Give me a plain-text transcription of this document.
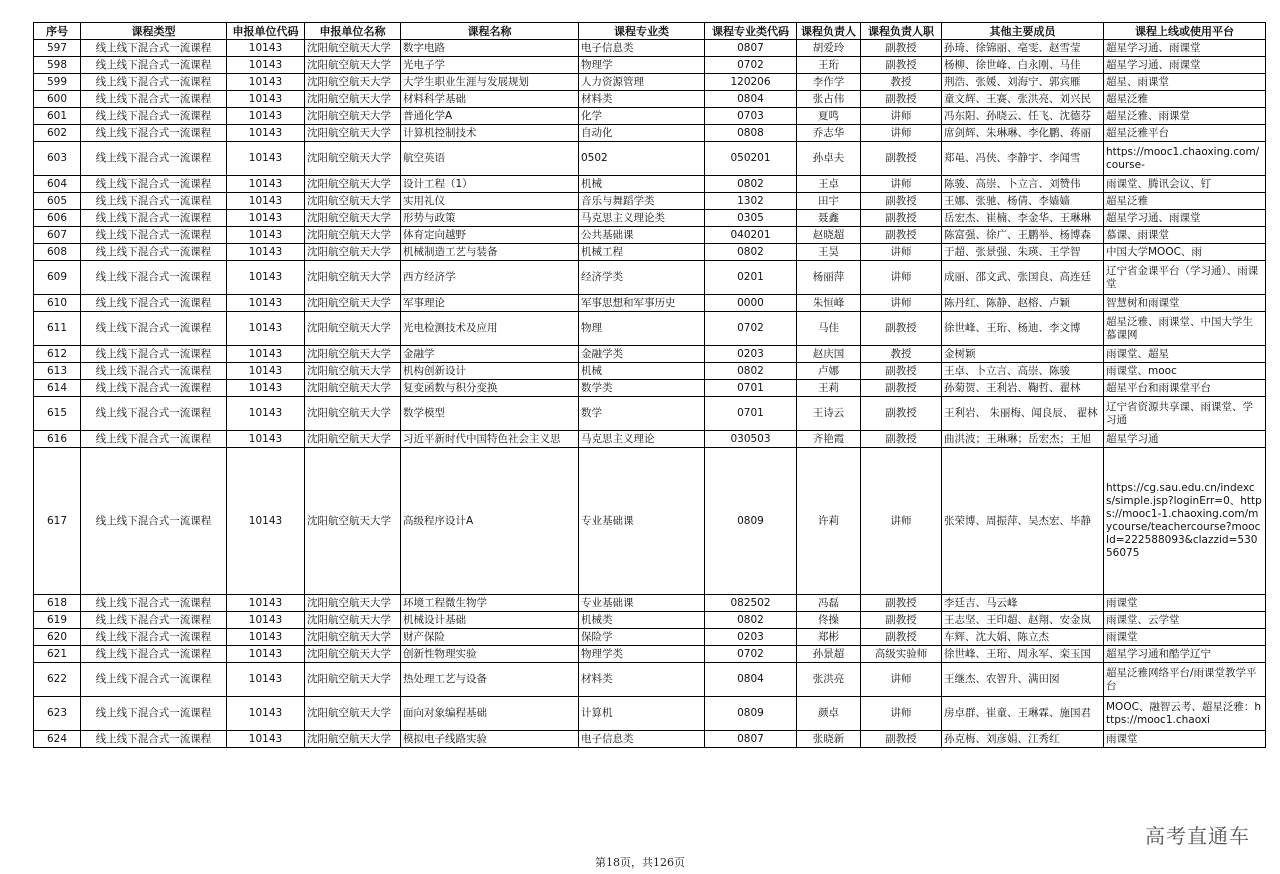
序号	课程类型	申报单位代码	申报单位名称	课程名称	课程专业类	课程专业类代码	课程负责人	课程负责人职	其他主要成员	课程上线或使用平台
597	线上线下混合式一流课程	10143	沈阳航空航天大学	数字电路	电子信息类	0807	胡爱玲	副教授	孙琦、徐锦丽、亳雯、赵雪莹	超星学习通、雨课堂
598	线上线下混合式一流课程	10143	沈阳航空航天大学	光电子学	物理学	0702	王珩	副教授	杨柳、徐世峰、白永刚、马佳	超星学习通、雨课堂
599	线上线下混合式一流课程	10143	沈阳航空航天大学	大学生职业生涯与发展规划	人力资源管理	120206	李作学	教授	荆浩、张媛、刘海宁、郭宾雁	超星、雨课堂
600	线上线下混合式一流课程	10143	沈阳航空航天大学	材料科学基础	材料类	0804	张占伟	副教授	童文辉、王赛、张洪亮、刘兴民	超星泛雅
601	线上线下混合式一流课程	10143	沈阳航空航天大学	普通化学A	化学	0703	夏鸣	讲师	冯东阳、孙晓云、任飞、沈德芬	超星泛雅、雨课堂
602	线上线下混合式一流课程	10143	沈阳航空航天大学	计算机控制技术	自动化	0808	乔志华	讲师	席剑辉、朱琳琳、李化鹏、蒋丽	超星泛雅平台
603	线上线下混合式一流课程	10143	沈阳航空航天大学	航空英语	0502	050201	孙卓夫	副教授	郑黾、冯侠、李静宇、李闻雪	https://mooc1.chaoxing.com/course-
604	线上线下混合式一流课程	10143	沈阳航空航天大学	设计工程（1）	机械	0802	王卓	讲师	陈骏、高崇、卜立言、刘赞伟	雨课堂、腾讯会议、钉
605	线上线下混合式一流课程	10143	沈阳航空航天大学	实用礼仪	音乐与舞蹈学类	1302	田宇	副教授	王娜、张驰、杨倩、李嫱嫱	超星泛雅
606	线上线下混合式一流课程	10143	沈阳航空航天大学	形势与政策	马克思主义理论类	0305	聂鑫	副教授	岳宏杰、崔楠、李金华、王琳琳	超星学习通、雨课堂
607	线上线下混合式一流课程	10143	沈阳航空航天大学	体育定向越野	公共基础课	040201	赵晓超	副教授	陈富强、徐广、王鹏举、杨博森	慕课、雨课堂
608	线上线下混合式一流课程	10143	沈阳航空航天大学	机械制造工艺与装备	机械工程	0802	王昊	讲师	于超、张景强、朱瑛、王学智	中国大学MOOC、雨
609	线上线下混合式一流课程	10143	沈阳航空航天大学	西方经济学	经济学类	0201	杨丽萍	讲师	成丽、邵文武、张国良、高连廷	辽宁省金课平台（学习通）、雨课堂
610	线上线下混合式一流课程	10143	沈阳航空航天大学	军事理论	军事思想和军事历史	0000	朱恒峰	讲师	陈丹红、陈静、赵榕、卢颖	智慧树和雨课堂
611	线上线下混合式一流课程	10143	沈阳航空航天大学	光电检测技术及应用	物理	0702	马佳	副教授	徐世峰、王珩、杨迪、李文博	超星泛雅、雨课堂、中国大学生慕课网
612	线上线下混合式一流课程	10143	沈阳航空航天大学	金融学	金融学类	0203	赵庆国	教授	金树颖	雨课堂、超星
613	线上线下混合式一流课程	10143	沈阳航空航天大学	机构创新设计	机械	0802	卢娜	副教授	王卓、卜立言、高崇、陈骏	雨课堂、mooc
614	线上线下混合式一流课程	10143	沈阳航空航天大学	复变函数与积分变换	数学类	0701	王莉	副教授	孙菊贺、王利岩、鞠哲、翟林	超星平台和雨课堂平台
615	线上线下混合式一流课程	10143	沈阳航空航天大学	数学模型	数学	0701	王诗云	副教授	王利岩、 朱丽梅、闻良辰、 翟林	辽宁省资源共享课、雨课堂、学习通
616	线上线下混合式一流课程	10143	沈阳航空航天大学	习近平新时代中国特色社会主义思	马克思主义理论	030503	齐艳霞	副教授	曲洪波；王琳琳；岳宏杰；王旭	超星学习通
617	线上线下混合式一流课程	10143	沈阳航空航天大学	高级程序设计A	专业基础课	0809	许莉	讲师	张荣博、周振萍、吴杰宏、毕静	https://cg.sau.edu.cn/indexcs/simple.jsp?loginErr=0、https://mooc1-1.chaoxing.com/mycourse/teachercourse?moocId=222588093&clazzid=53056075
618	线上线下混合式一流课程	10143	沈阳航空航天大学	环境工程微生物学	专业基础课	082502	冯磊	副教授	李廷吉、马云峰	雨课堂
619	线上线下混合式一流课程	10143	沈阳航空航天大学	机械设计基础	机械类	0802	佟操	副教授	王志坚、王印超、赵翔、安金岚	雨课堂、云学堂
620	线上线下混合式一流课程	10143	沈阳航空航天大学	财产保险	保险学	0203	郑彬	副教授	车辉、沈大娟、陈立杰	雨课堂
621	线上线下混合式一流课程	10143	沈阳航空航天大学	创新性物理实验	物理学类	0702	孙景超	高级实验师	徐世峰、王珩、周永军、栾玉国	超星学习通和酷学辽宁
622	线上线下混合式一流课程	10143	沈阳航空航天大学	热处理工艺与设备	材料类	0804	张洪亮	讲师	王继杰、农智升、满田囡	超星泛雅网络平台/雨课堂教学平台
623	线上线下混合式一流课程	10143	沈阳航空航天大学	面向对象编程基础	计算机	0809	颜卓	讲师	房卓群、崔童、王琳霖、施国君	MOOC、融智云考、超星泛雅：https://mooc1.chaoxi
624	线上线下混合式一流课程	10143	沈阳航空航天大学	模拟电子线路实验	电子信息类	0807	张晓新	副教授	孙克梅、刘彦娟、江秀红	雨课堂
高考直通车
第18页，共126页
